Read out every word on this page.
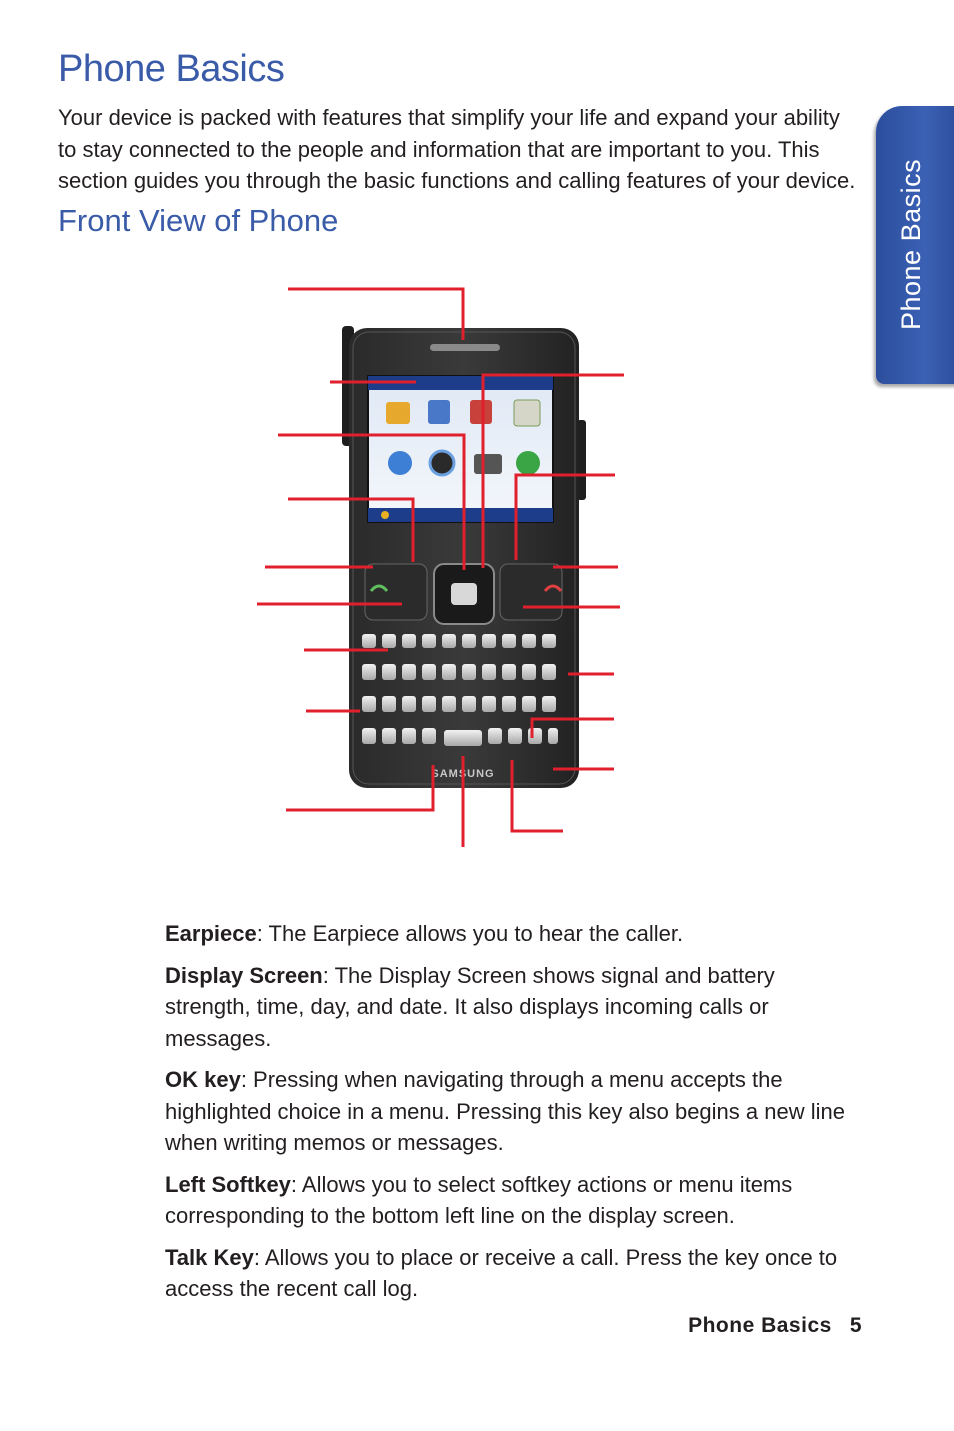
Phone Basics

Your device is packed with features that simplify your life and expand your ability to stay connected to the people and information that are important to you. This section guides you through the basic functions and calling features of your device.

Front View of Phone	Phone Basics
SAMSUNG

Earpiece: The Earpiece allows you to hear the caller.

Display Screen: The Display Screen shows signal and battery strength, time, day, and date. It also displays incoming calls or messages.

OK key: Pressing when navigating through a menu accepts the highlighted choice in a menu. Pressing this key also begins a new line when writing memos or messages.

Left Softkey: Allows you to select softkey actions or menu items corresponding to the bottom left line on the display screen.

Talk Key: Allows you to place or receive a call. Press the key once to access the recent call log.

Phone Basics 5
